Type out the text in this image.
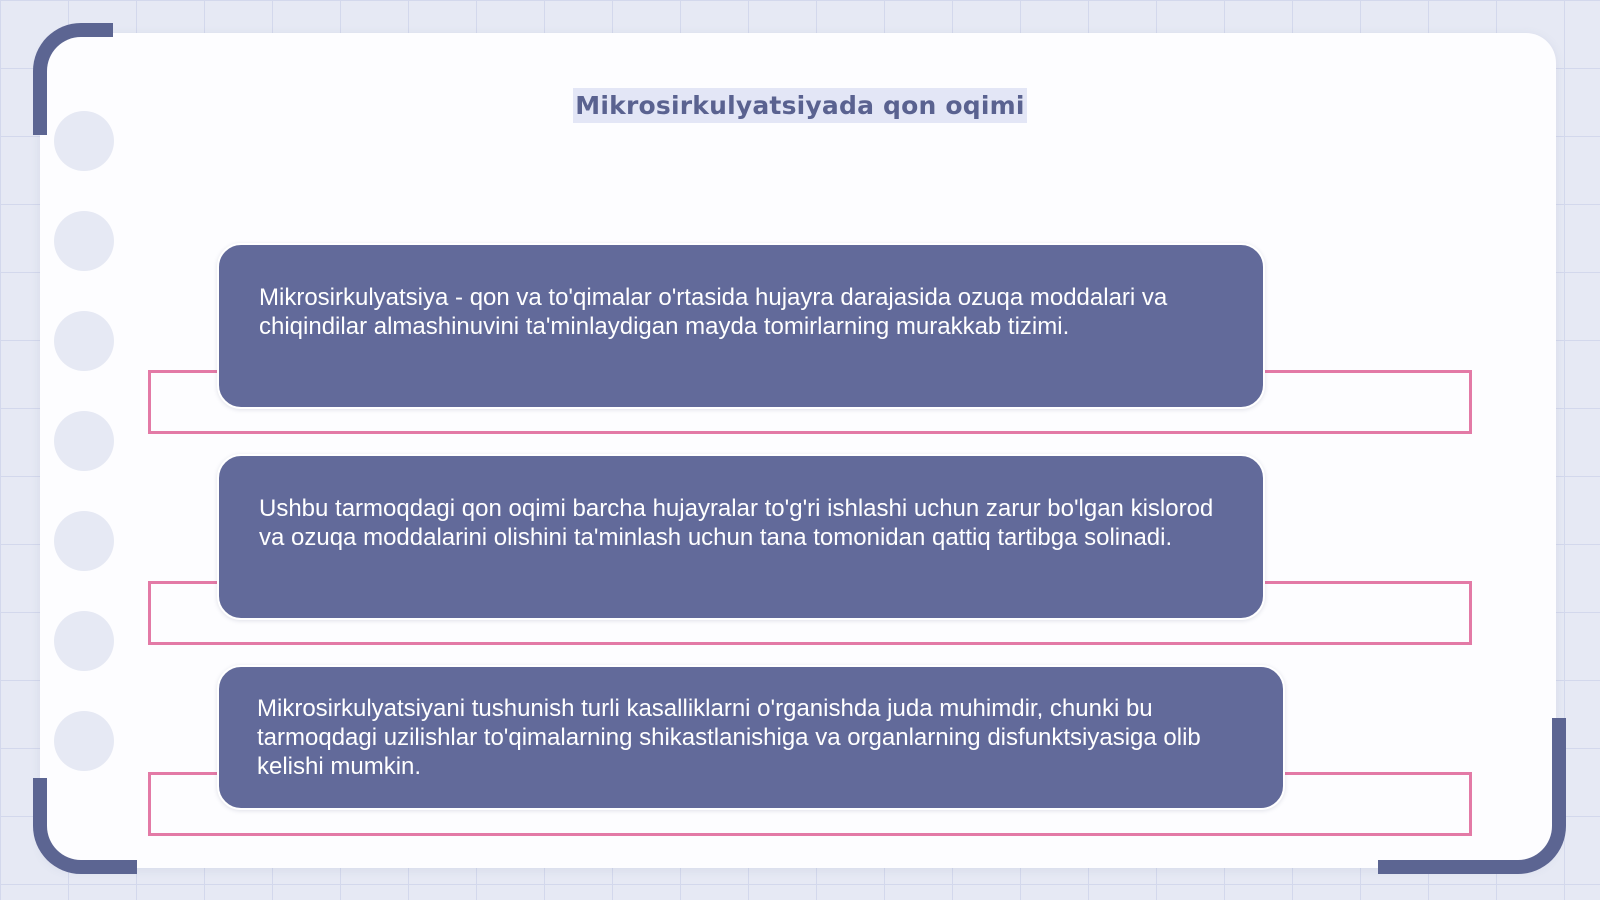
Mikrosirkulyatsiyada qon oqimi

Mikrosirkulyatsiya - qon va to'qimalar o'rtasida hujayra darajasida ozuqa moddalari va chiqindilar almashinuvini ta'minlaydigan mayda tomirlarning murakkab tizimi.

Ushbu tarmoqdagi qon oqimi barcha hujayralar to'g'ri ishlashi uchun zarur bo'lgan kislorod va ozuqa moddalarini olishini ta'minlash uchun tana tomonidan qattiq tartibga solinadi.

Mikrosirkulyatsiyani tushunish turli kasalliklarni o'rganishda juda muhimdir, chunki bu tarmoqdagi uzilishlar to'qimalarning shikastlanishiga va organlarning disfunktsiyasiga olib kelishi mumkin.
